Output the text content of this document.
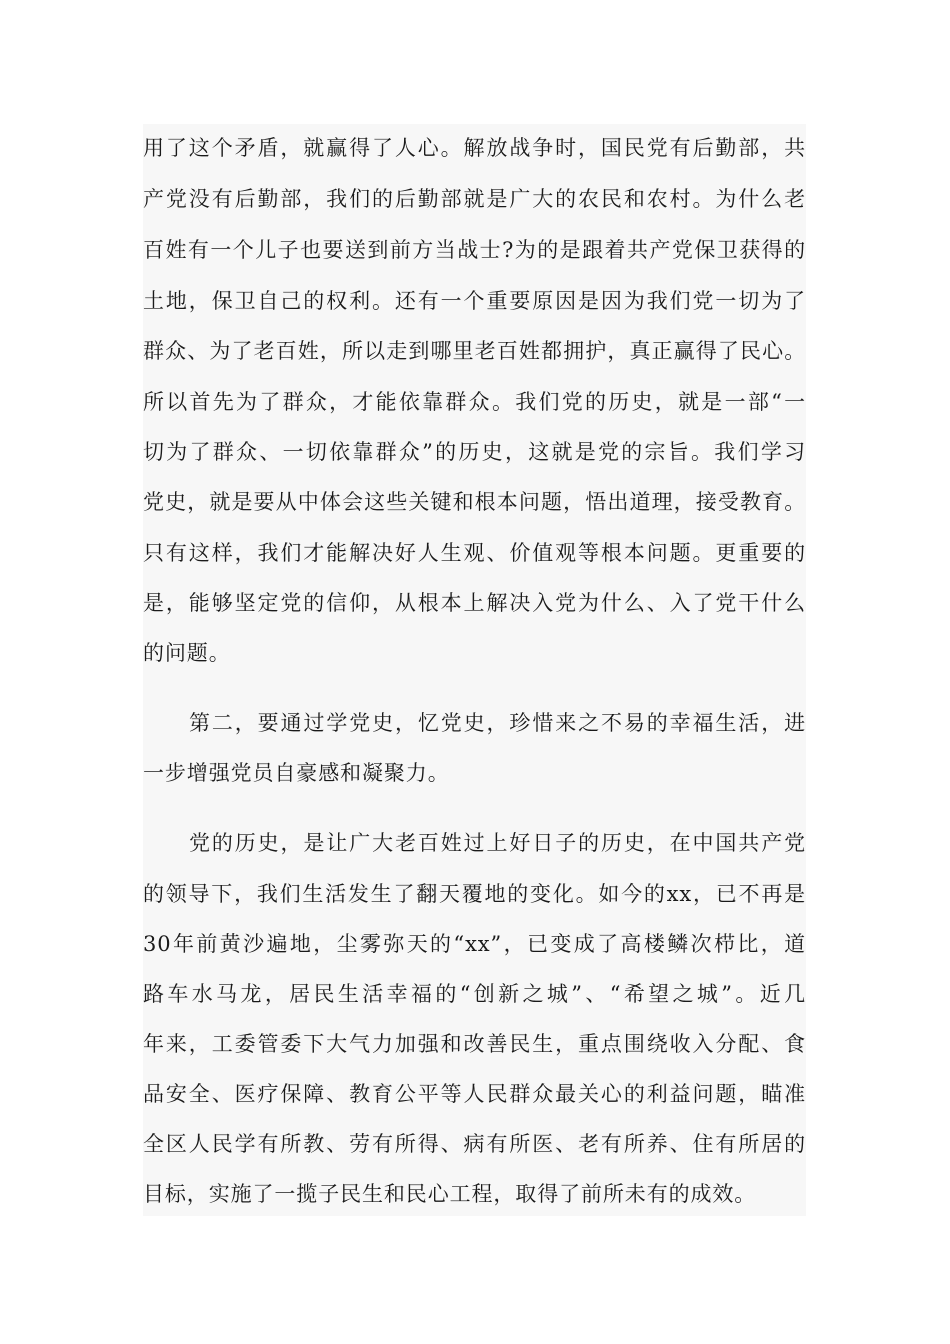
用了这个矛盾，就赢得了人心。解放战争时，国民党有后勤部，共
产党没有后勤部，我们的后勤部就是广大的农民和农村。为什么老
百姓有一个儿子也要送到前方当战士?为的是跟着共产党保卫获得的
土地，保卫自己的权利。还有一个重要原因是因为我们党一切为了
群众、为了老百姓，所以走到哪里老百姓都拥护，真正赢得了民心。
所以首先为了群众，才能依靠群众。我们党的历史，就是一部“一
切为了群众、一切依靠群众”的历史，这就是党的宗旨。我们学习
党史，就是要从中体会这些关键和根本问题，悟出道理，接受教育。
只有这样，我们才能解决好人生观、价值观等根本问题。更重要的
是，能够坚定党的信仰，从根本上解决入党为什么、入了党干什么
的问题。
第二，要通过学党史，忆党史，珍惜来之不易的幸福生活，进
一步增强党员自豪感和凝聚力。
党的历史，是让广大老百姓过上好日子的历史，在中国共产党
的领导下，我们生活发生了翻天覆地的变化。如今的xx，已不再是
30年前黄沙遍地，尘雾弥天的“xx”，已变成了高楼鳞次栉比，道
路车水马龙，居民生活幸福的“创新之城”、“希望之城”。近几
年来，工委管委下大气力加强和改善民生，重点围绕收入分配、食
品安全、医疗保障、教育公平等人民群众最关心的利益问题，瞄准
全区人民学有所教、劳有所得、病有所医、老有所养、住有所居的
目标，实施了一揽子民生和民心工程，取得了前所未有的成效。
